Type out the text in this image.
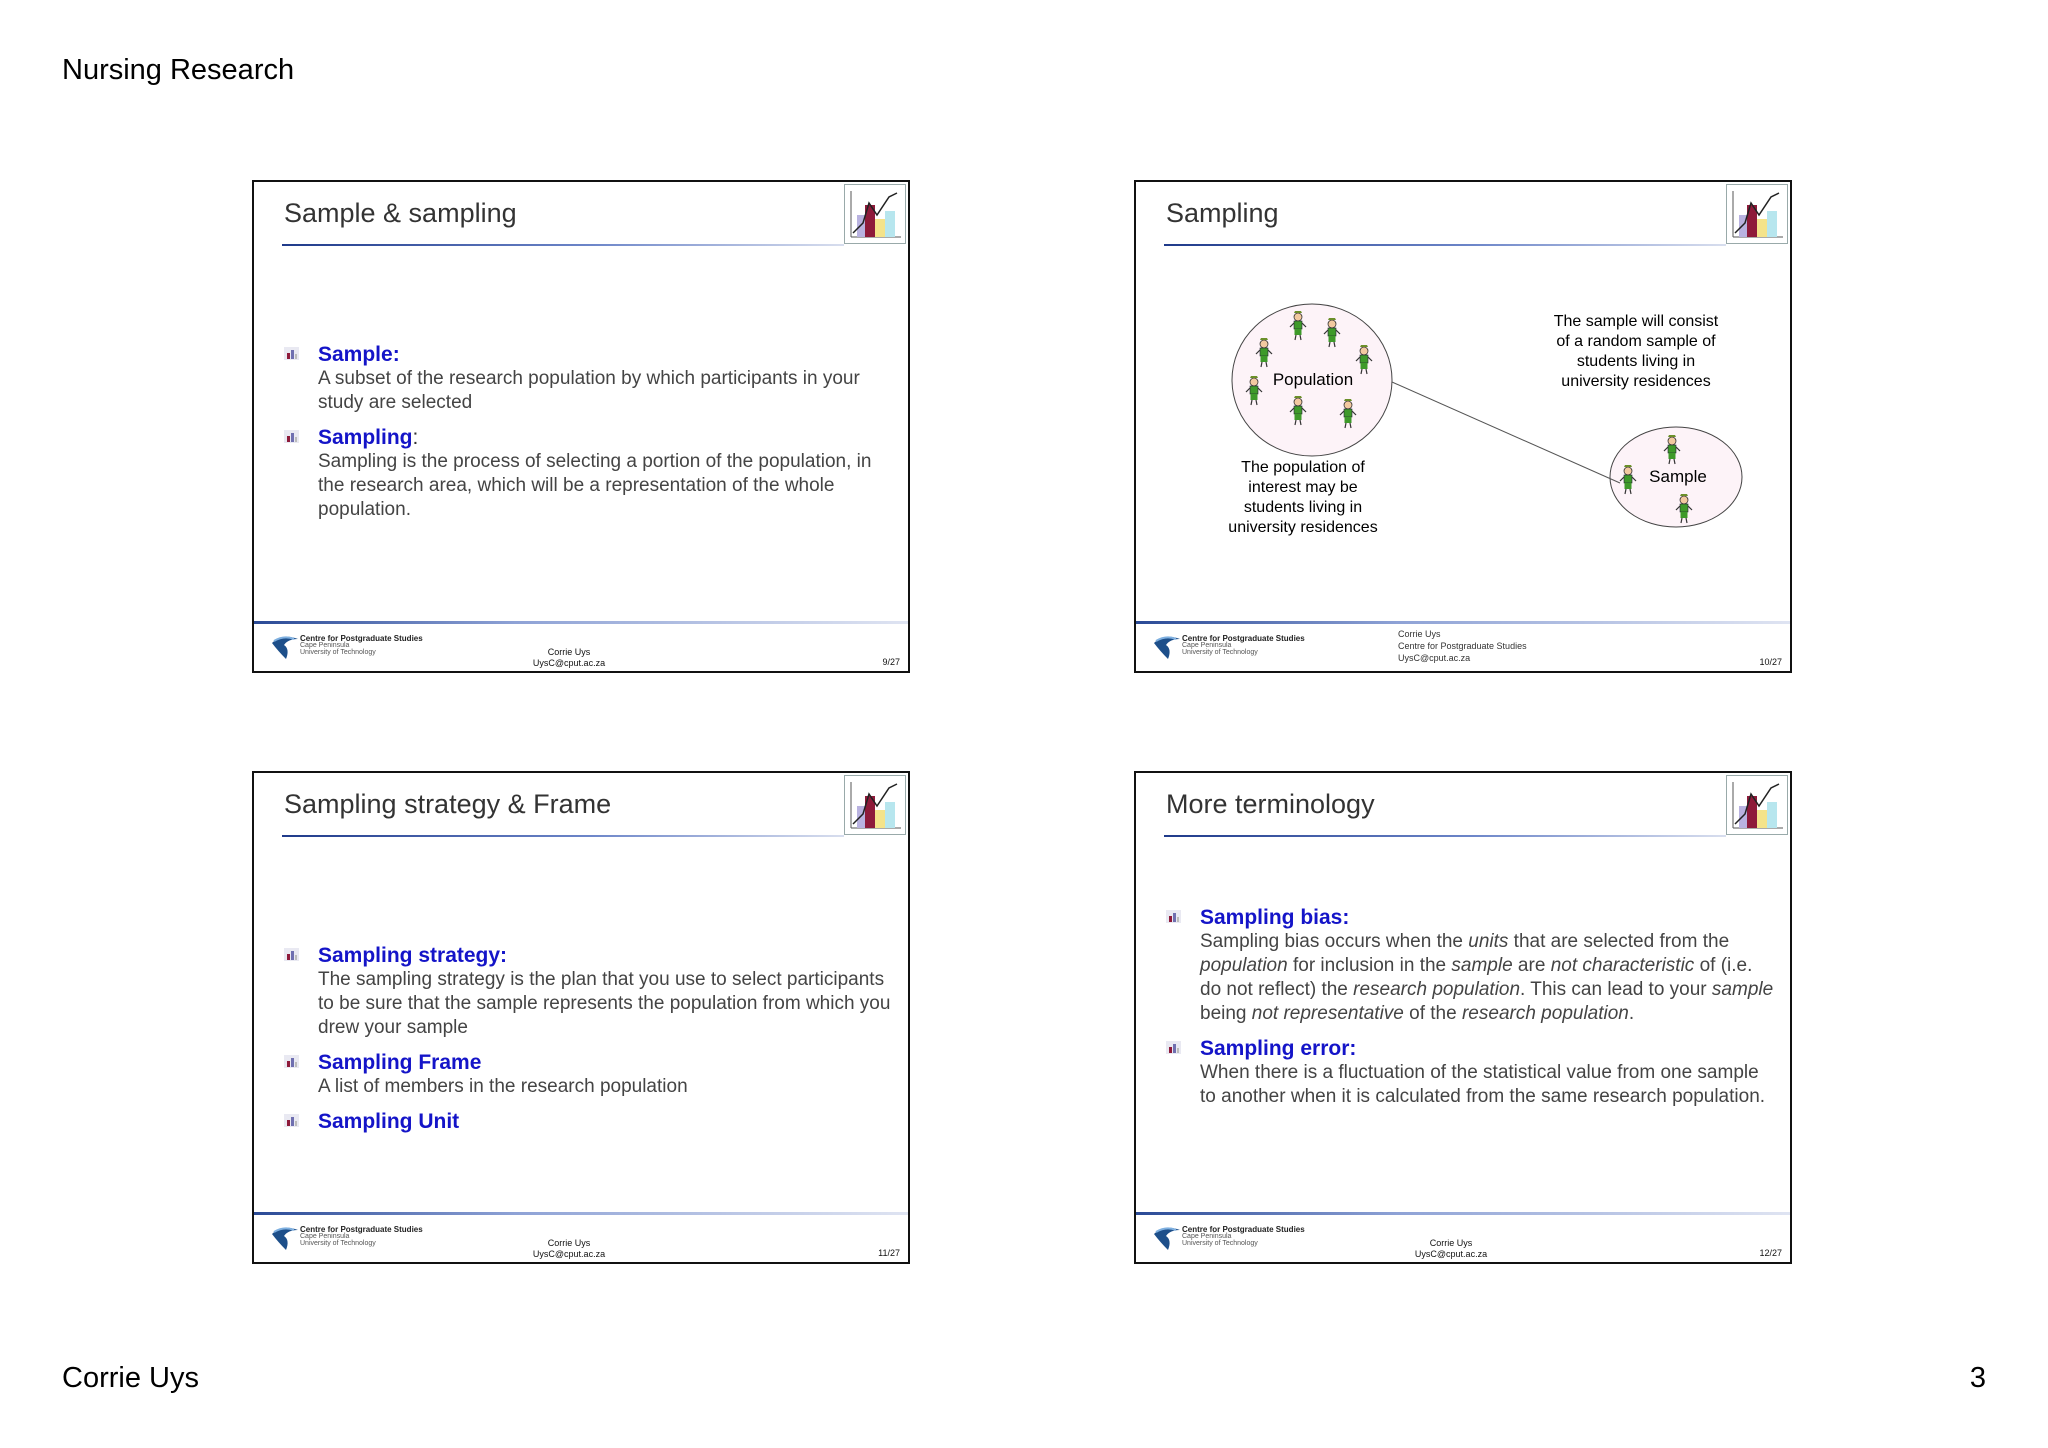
Nursing Research
Sample & sampling
Sample:
A subset of the research population by which participants in your study are selected
Sampling:
Sampling is the process of selecting a portion of the population, in the research area, which will be a representation of the whole population.
Centre for Postgraduate Studies
Cape Peninsula
University of Technology	Corrie Uys
UysC@cput.ac.za	9/27
Sampling
Population
Sample
The population of interest may be students living in university residences
The sample will consist of a random sample of students living in university residences
Centre for Postgraduate Studies
Cape Peninsula
University of Technology
Corrie Uys
Centre for Postgraduate Studies
UysC@cput.ac.za	10/27
Sampling strategy & Frame
Sampling strategy:
The sampling strategy is the plan that you use to select participants to be sure that the sample represents the population from which you drew your sample
Sampling Frame
A list of members in the research population
Sampling Unit
Centre for Postgraduate Studies
Cape Peninsula
University of Technology	Corrie Uys
UysC@cput.ac.za	11/27
More terminology
Sampling bias:
Sampling bias occurs when the units that are selected from the population for inclusion in the sample are not characteristic of (i.e. do not reflect) the research population. This can lead to your sample being not representative of the research population.
Sampling error:
When there is a fluctuation of the statistical value from one sample to another when it is calculated from the same research population.
Centre for Postgraduate Studies
Cape Peninsula
University of Technology	Corrie Uys
UysC@cput.ac.za	12/27
Corrie Uys	3
